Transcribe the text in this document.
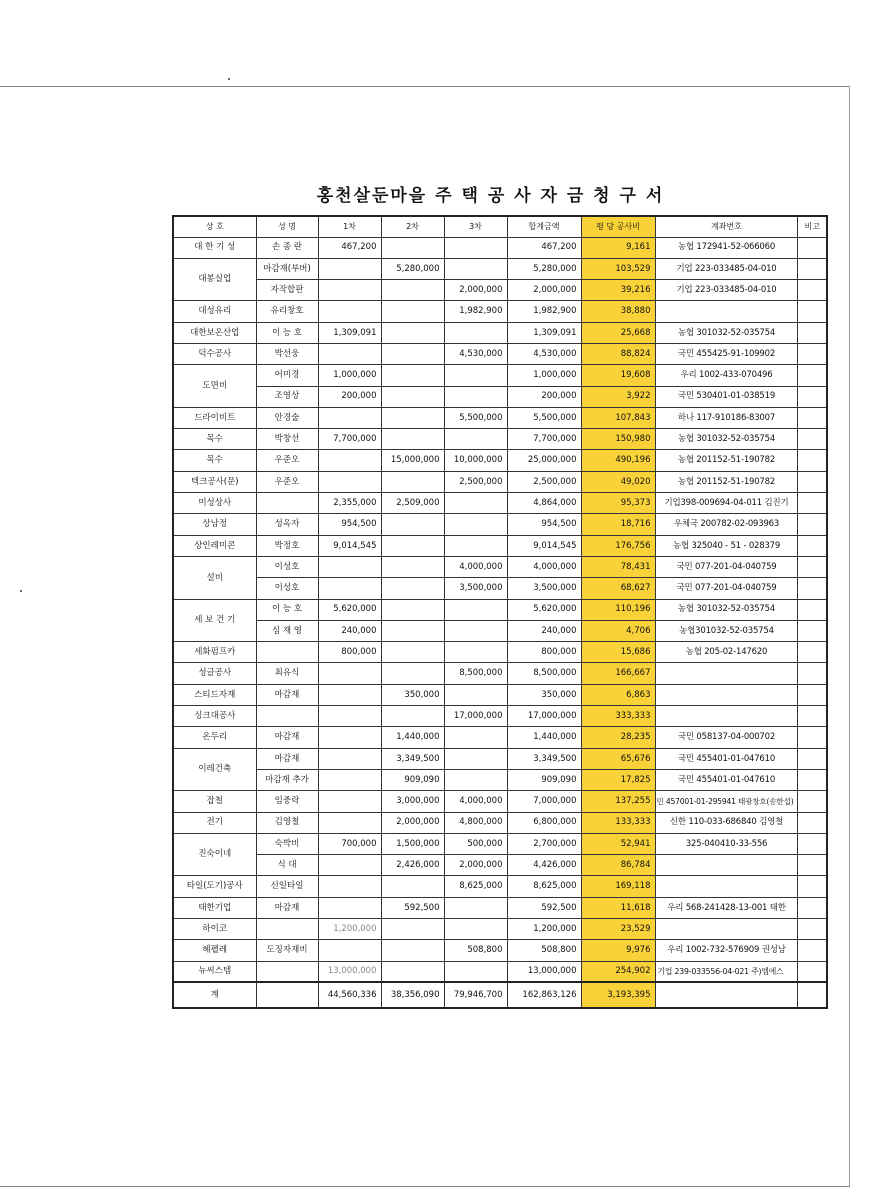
홍천살둔마을 주 택 공 사 자 금 청 구 서
상 호	성 명	1차	2차	3차	합계금액	평 당 공사비	계좌번호	비고
대 한 기 성	손 종 란	467,200			467,200	9,161	농협 172941-52-066060	
대봉실업	마감재(부버)		5,280,000		5,280,000	103,529	기업 223-033485-04-010	
	자작합판			2,000,000	2,000,000	39,216	기업 223-033485-04-010	
대성유리	유리창호			1,982,900	1,982,900	38,880		
대한보온산업	이 능 호	1,309,091			1,309,091	25,668	농협 301032-52-035754	
덕수공사	박선웅			4,530,000	4,530,000	88,824	국민 455425-91-109902	
도면비	어미경	1,000,000			1,000,000	19,608	우리 1002-433-070496	
	조영상	200,000			200,000	3,922	국민 530401-01-038519	
드라이비트	안경술			5,500,000	5,500,000	107,843	하나 117-910186-83007	
목수	박창선	7,700,000			7,700,000	150,980	농협 301032-52-035754	
목수	우준오		15,000,000	10,000,000	25,000,000	490,196	농협 201152-51-190782	
텍크공사(문)	우준오			2,500,000	2,500,000	49,020	농협 201152-51-190782	
미성상사		2,355,000	2,509,000		4,864,000	95,373	기업398-009694-04-011 김진기	
상남정	성옥자	954,500			954,500	18,716	우체국 200782-02-093963	
상인레미콘	박정호	9,014,545			9,014,545	176,756	농협 325040 - 51 - 028379	
설비	이성호			4,000,000	4,000,000	78,431	국민 077-201-04-040759	
	이성호			3,500,000	3,500,000	68,627	국민 077-201-04-040759	
세 보 건 기	이 능 호	5,620,000			5,620,000	110,196	농협 301032-52-035754	
	심 재 영	240,000			240,000	4,706	농협301032-52-035754	
세화펌프카		800,000			800,000	15,686	농협 205-02-147620	
성글공사	최유식			8,500,000	8,500,000	166,667		
스티드자재	마감재		350,000		350,000	6,863		
싱크대공사				17,000,000	17,000,000	333,333		
온두리	마감재		1,440,000		1,440,000	28,235	국민 058137-04-000702	
이레건축	마감재		3,349,500		3,349,500	65,676	국민 455401-01-047610	
	마감재 추가		909,090		909,090	17,825	국민 455401-01-047610	
잡철	임중락		3,000,000	4,000,000	7,000,000	137,255	민 457001-01-295941 태광창호(송한섭)	
전기	김영철		2,000,000	4,800,000	6,800,000	133,333	신한 110-033-686840 김영철	
진숙이네	숙박비	700,000	1,500,000	500,000	2,700,000	52,941	325-040410-33-556	
	식 대		2,426,000	2,000,000	4,426,000	86,784		
타일(도기)공사	신일타일			8,625,000	8,625,000	169,118		
태한기업	마감재		592,500		592,500	11,618	우리 568-241428-13-001 태한	
하이코		1,200,000			1,200,000	23,529		
헤펠레	도징자재비			508,800	508,800	9,976	우리 1002-732-576909 권성남	
뉴씨스템		13,000,000			13,000,000	254,902	기업 239-033556-04-021 주)엠에스	
계		44,560,336	38,356,090	79,946,700	162,863,126	3,193,395		
